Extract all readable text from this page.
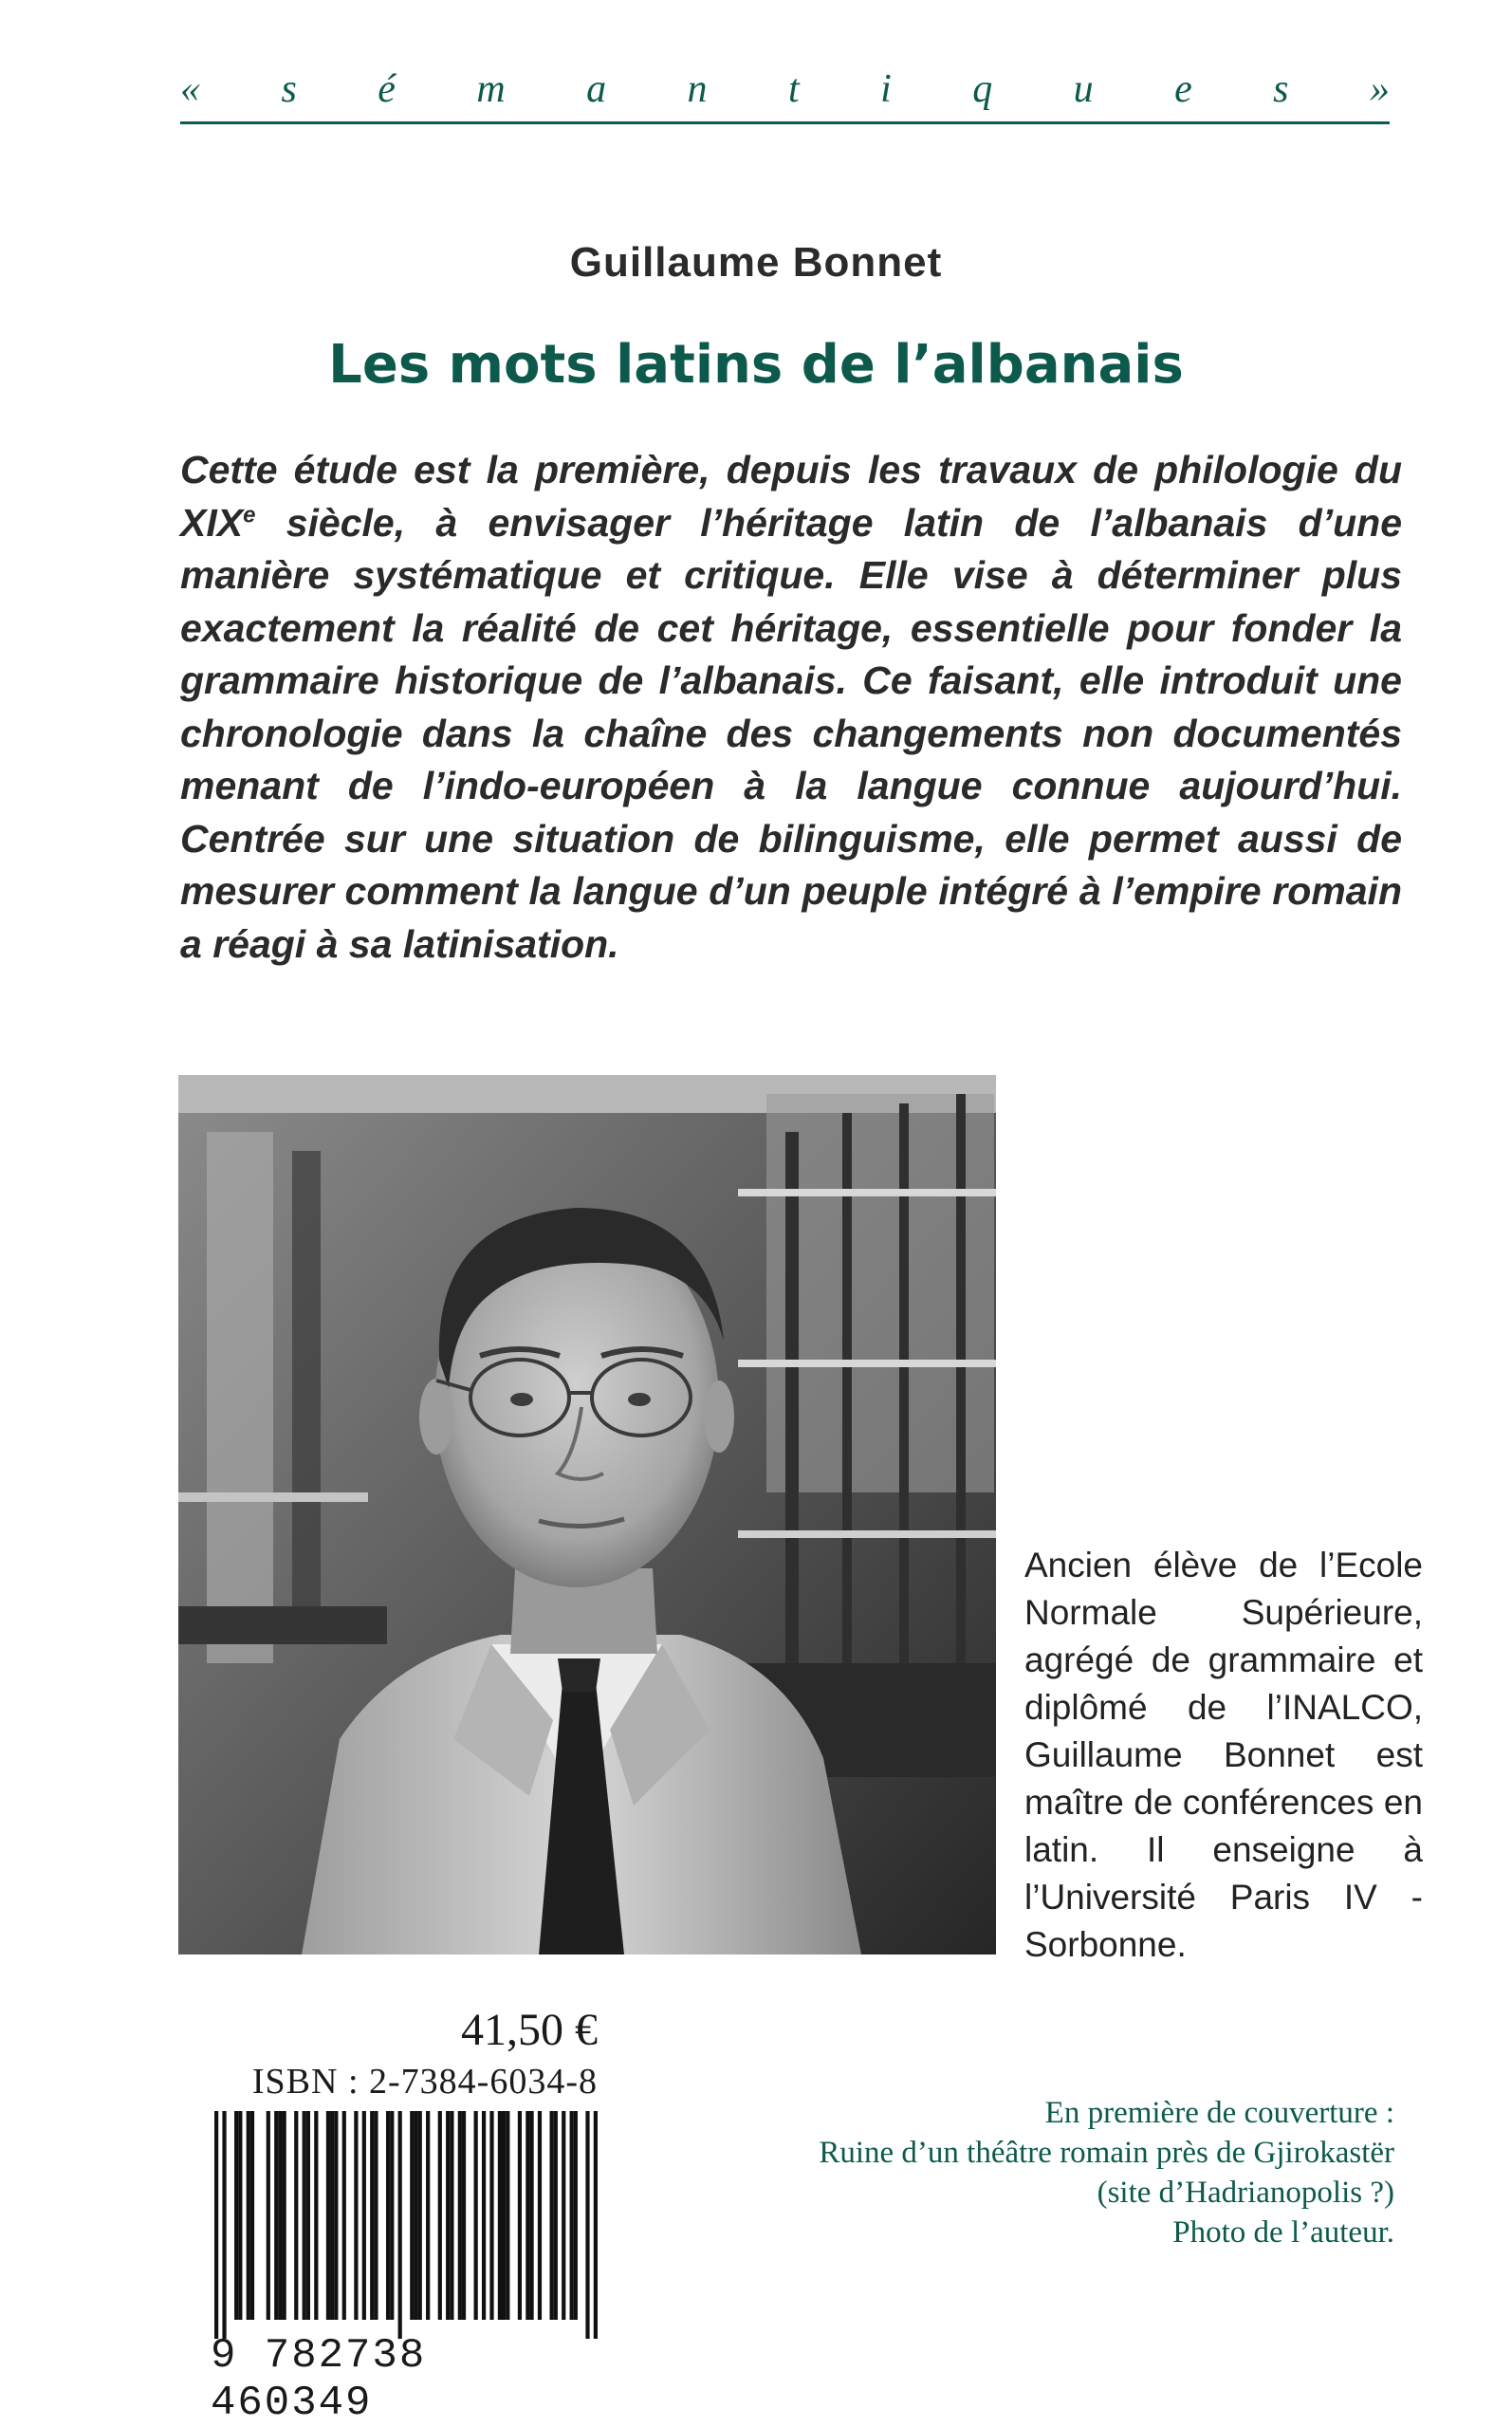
« s é m a n t i q u e s »
Guillaume Bonnet
Les mots latins de l’albanais
Cette étude est la première, depuis les travaux de philologie du XIXe siècle, à envisager l’héritage latin de l’albanais d’une manière systématique et critique. Elle vise à déterminer plus exactement la réalité de cet héritage, essentielle pour fonder la grammaire historique de l’albanais. Ce faisant, elle introduit une chronologie dans la chaîne des changements non documentés menant de l’indo-européen à la langue connue aujourd’hui. Centrée sur une situation de bilinguisme, elle permet aussi de mesurer comment la langue d’un peuple intégré à l’empire romain a réagi à sa latinisation.
Ancien élève de l’Ecole Normale Supérieure, agrégé de grammaire et diplômé de l’INALCO, Guillaume Bonnet est maître de conférences en latin. Il enseigne à l’Université Paris IV - Sorbonne.
41,50 €
ISBN : 2-7384-6034-8
9 782738 460349
En première de couverture :
Ruine d’un théâtre romain près de Gjirokastër
(site d’Hadrianopolis ?)
Photo de l’auteur.
